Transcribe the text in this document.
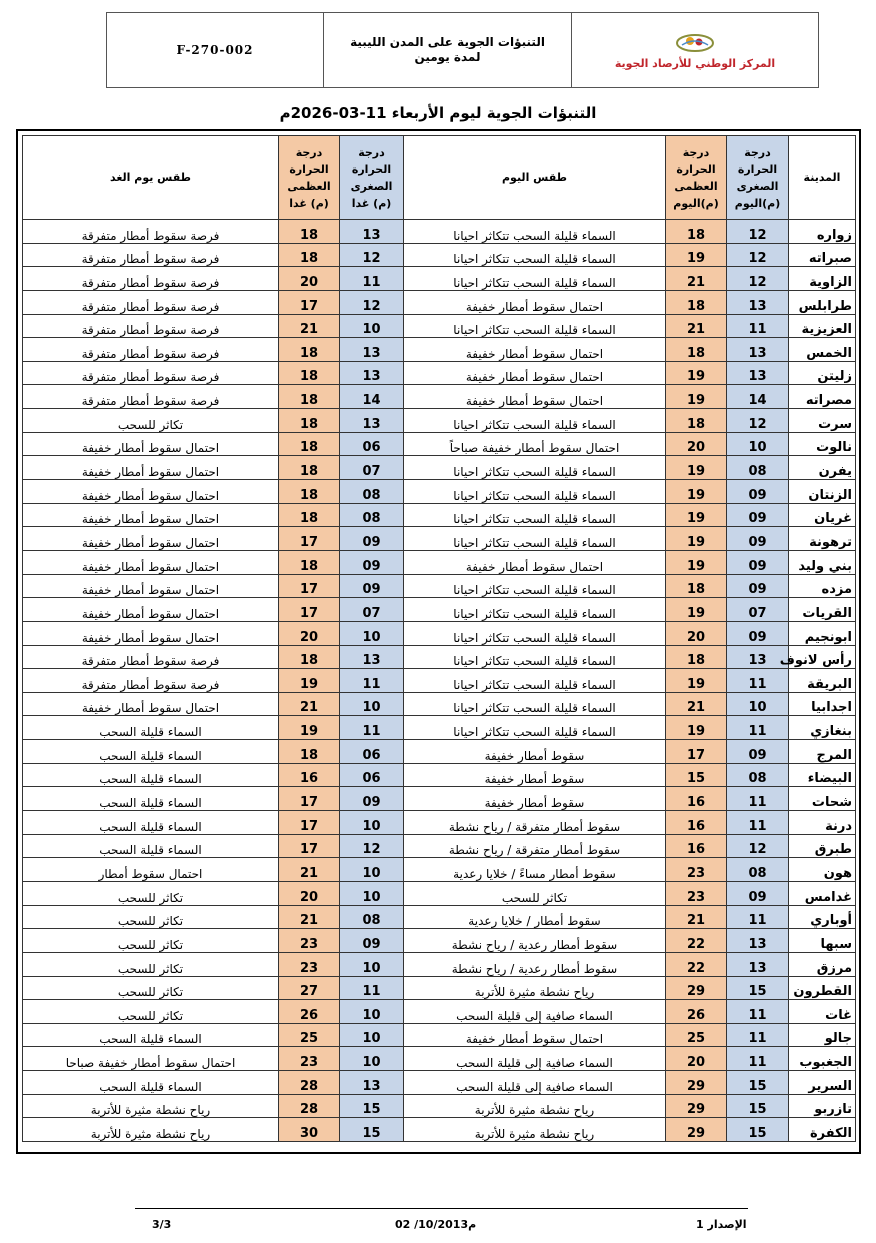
F-270-002
التنبؤات الجوية على المدن الليبية
لمدة يومين	المركز الوطني للأرصاد الجوية
التنبؤات الجوية ليوم الأربعاء 11-03-2026م
المدينة	درجة الحرارة الصغرى (م)اليوم	درجة الحرارة العظمى (م)اليوم	طقس اليوم	درجة الحرارة الصغرى (م) غدا	درجة الحرارة العظمى (م) غدا	طقس يوم الغد
زواره	12	18	السماء قليلة السحب تتكاثر احيانا	13	18	فرصة سقوط أمطار متفرقة
صبراته	12	19	السماء قليلة السحب تتكاثر احيانا	12	18	فرصة سقوط أمطار متفرقة
الزاوية	12	21	السماء قليلة السحب تتكاثر احيانا	11	20	فرصة سقوط أمطار متفرقة
طرابلس	13	18	احتمال سقوط أمطار خفيفة	12	17	فرصة سقوط أمطار متفرقة
العزيزية	11	21	السماء قليلة السحب تتكاثر احيانا	10	21	فرصة سقوط أمطار متفرقة
الخمس	13	18	احتمال سقوط أمطار خفيفة	13	18	فرصة سقوط أمطار متفرقة
زليتن	13	19	احتمال سقوط أمطار خفيفة	13	18	فرصة سقوط أمطار متفرقة
مصراته	14	19	احتمال سقوط أمطار خفيفة	14	18	فرصة سقوط أمطار متفرقة
سرت	12	18	السماء قليلة السحب تتكاثر احيانا	13	18	تكاثر للسحب
نالوت	10	20	احتمال سقوط أمطار خفيفة صباحاً	06	18	احتمال سقوط أمطار خفيفة
يفرن	08	19	السماء قليلة السحب تتكاثر احيانا	07	18	احتمال سقوط أمطار خفيفة
الزنتان	09	19	السماء قليلة السحب تتكاثر احيانا	08	18	احتمال سقوط أمطار خفيفة
غريان	09	19	السماء قليلة السحب تتكاثر احيانا	08	18	احتمال سقوط أمطار خفيفة
ترهونة	09	19	السماء قليلة السحب تتكاثر احيانا	09	17	احتمال سقوط أمطار خفيفة
بني وليد	09	19	احتمال سقوط أمطار خفيفة	09	18	احتمال سقوط أمطار خفيفة
مزده	09	18	السماء قليلة السحب تتكاثر احيانا	09	17	احتمال سقوط أمطار خفيفة
القريات	07	19	السماء قليلة السحب تتكاثر احيانا	07	17	احتمال سقوط أمطار خفيفة
ابونجيم	09	20	السماء قليلة السحب تتكاثر احيانا	10	20	احتمال سقوط أمطار خفيفة
رأس لانوف	13	18	السماء قليلة السحب تتكاثر احيانا	13	18	فرصة سقوط أمطار متفرقة
البريقة	11	19	السماء قليلة السحب تتكاثر احيانا	11	19	فرصة سقوط أمطار متفرقة
اجدابيا	10	21	السماء قليلة السحب تتكاثر احيانا	10	21	احتمال سقوط أمطار خفيفة
بنغازي	11	19	السماء قليلة السحب تتكاثر احيانا	11	19	السماء قليلة السحب
المرج	09	17	سقوط أمطار خفيفة	06	18	السماء قليلة السحب
البيضاء	08	15	سقوط أمطار خفيفة	06	16	السماء قليلة السحب
شحات	11	16	سقوط أمطار خفيفة	09	17	السماء قليلة السحب
درنة	11	16	سقوط أمطار متفرقة / رياح نشطة	10	17	السماء قليلة السحب
طبرق	12	16	سقوط أمطار متفرقة / رياح نشطة	12	17	السماء قليلة السحب
هون	08	23	سقوط أمطار مساءً / خلايا رعدية	10	21	احتمال سقوط أمطار
غدامس	09	23	تكاثر للسحب	10	20	تكاثر للسحب
أوباري	11	21	سقوط أمطار / خلايا رعدية	08	21	تكاثر للسحب
سبها	13	22	سقوط أمطار رعدية / رياح نشطة	09	23	تكاثر للسحب
مرزق	13	22	سقوط أمطار رعدية / رياح نشطة	10	23	تكاثر للسحب
القطرون	15	29	رياح نشطة مثيرة للأتربة	11	27	تكاثر للسحب
غات	11	26	السماء صافية إلى قليلة السحب	10	26	تكاثر للسحب
جالو	11	25	احتمال سقوط أمطار خفيفة	10	25	السماء قليلة السحب
الجغبوب	11	20	السماء صافية إلى قليلة السحب	10	23	احتمال سقوط أمطار خفيفة صباحا
السرير	15	29	السماء صافية إلى قليلة السحب	13	28	السماء قليلة السحب
تازربو	15	29	رياح نشطة مثيرة للأتربة	15	28	رياح نشطة مثيرة للأتربة
الكفرة	15	29	رياح نشطة مثيرة للأتربة	15	30	رياح نشطة مثيرة للأتربة
3/3	02 /10/2013م	الإصدار 1
